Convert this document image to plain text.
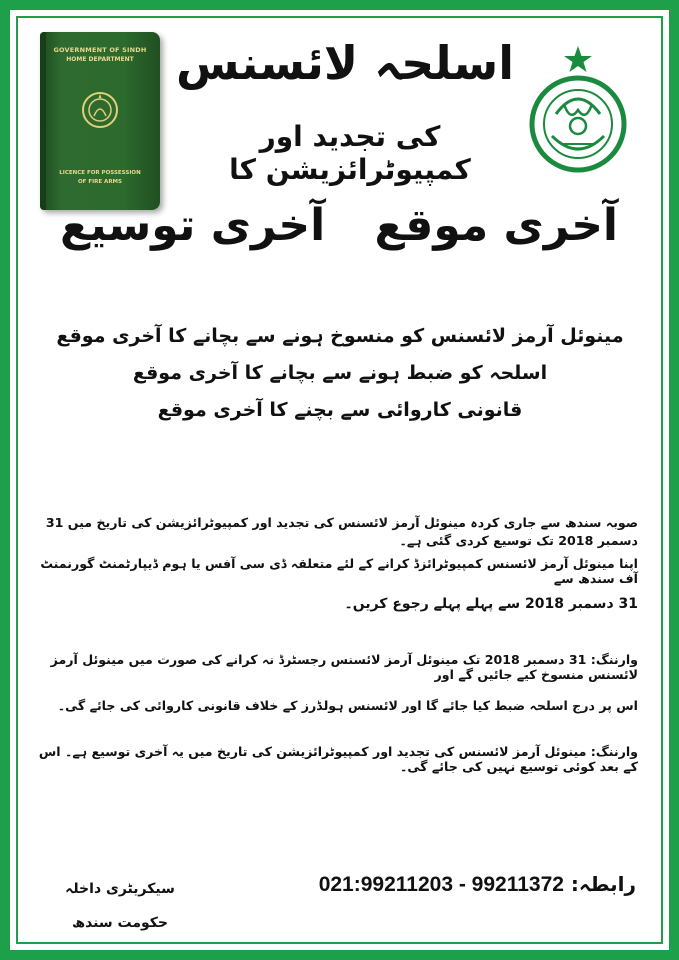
GOVERNMENT OF SINDH
HOME DEPARTMENT
LICENCE FOR POSSESSION
OF FIRE ARMS
اسلحہ لائسنس
کی تجدید اور کمپیوٹرائزیشن کا
آخری موقع
آخری توسیع
مینوئل آرمز لائسنس کو منسوخ ہونے سے بچانے کا آخری موقع
اسلحہ کو ضبط ہونے سے بچانے کا آخری موقع
قانونی کاروائی سے بچنے کا آخری موقع
صوبہ سندھ سے جاری کردہ مینوئل آرمز لائسنس کی تجدید اور کمپیوٹرائزیشن کی تاریخ میں 31 دسمبر 2018 تک توسیع کردی گئی ہے۔
اپنا مینوئل آرمز لائسنس کمپیوٹرائزڈ کرانے کے لئے متعلقہ ڈی سی آفس یا ہوم ڈیپارٹمنٹ گورنمنٹ آف سندھ سے
31 دسمبر 2018 سے پہلے پہلے رجوع کریں۔
وارننگ: 31 دسمبر 2018 تک مینوئل آرمز لائسنس رجسٹرڈ نہ کرانے کی صورت میں مینوئل آرمز لائسنس منسوخ کیے جائیں گے اور
اس پر درج اسلحہ ضبط کیا جائے گا اور لائسنس ہولڈرز کے خلاف قانونی کاروائی کی جائے گی۔
وارننگ: مینوئل آرمز لائسنس کی تجدید اور کمپیوٹرائزیشن کی تاریخ میں یہ آخری توسیع ہے۔ اس کے بعد کوئی توسیع نہیں کی جائے گی۔
سیکریٹری داخلہ
حکومت سندھ
رابطہ: 021:99211203 - 99211372
